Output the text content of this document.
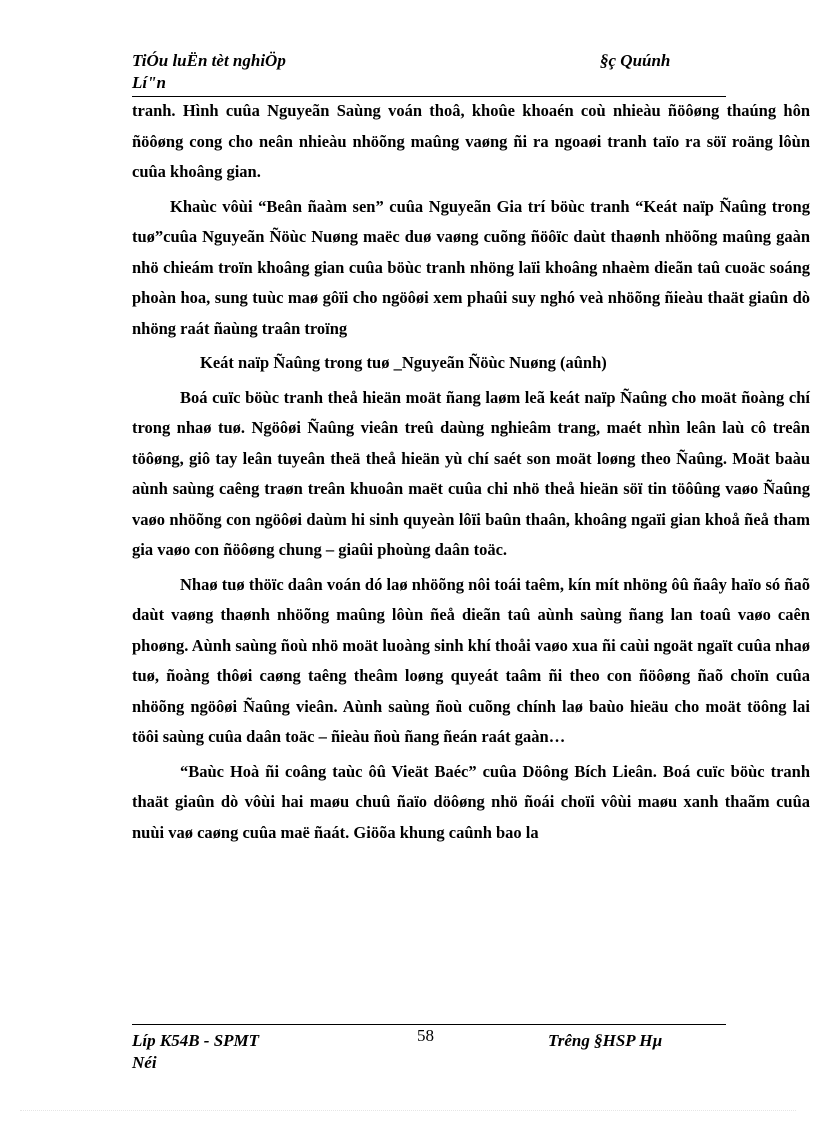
TiÓu luËn tèt nghiÖp
Lí"n
§ç Quúnh

tranh. Hình cuûa Nguyeãn Saùng voán thoâ, khoûe khoaén coù nhieàu ñöôøng thaúng hôn ñöôøng cong cho neân nhieàu nhöõng maûng vaøng ñi ra ngoaøi tranh taïo ra söï roäng lôùn cuûa khoâng gian.

Khaùc vôùi “Beân ñaàm sen” cuûa Nguyeãn Gia trí böùc tranh “Keát naïp Ñaûng trong tuø”cuûa Nguyeãn Ñöùc Nuøng maëc duø vaøng cuõng ñöôïc daùt thaønh nhöõng maûng gaàn nhö chieám troïn khoâng gian cuûa böùc tranh nhöng laïi khoâng nhaèm dieãn taû cuoäc soáng phoàn hoa, sung tuùc maø gôïi cho ngöôøi xem phaûi suy nghó veà nhöõng ñieàu thaät giaûn dò nhöng raát ñaùng traân troïng

Keát naïp Ñaûng trong tuø _Nguyeãn Ñöùc Nuøng (aûnh)

Boá cuïc böùc tranh theå hieän moät ñang laøm leã keát naïp Ñaûng cho moät ñoàng chí trong nhaø tuø. Ngöôøi Ñaûng vieân treû daùng nghieâm trang, maét nhìn leân laù cô treân töôøng, giô tay leân tuyeân theä theå hieän yù chí saét son moät loøng theo Ñaûng. Moät baàu aùnh saùng caêng traøn treân khuoân maët cuûa chi nhö theå hieän söï tin töôûng vaøo Ñaûng vaøo nhöõng con ngöôøi daùm hi sinh quyeàn lôïi baûn thaân, khoâng ngaïi gian khoå ñeå tham gia vaøo con ñöôøng chung – giaûi phoùng daân toäc.

Nhaø tuø thöïc daân voán dó laø nhöõng nôi toái taêm, kín mít nhöng ôû ñaây haïo só ñaõ daùt vaøng thaønh nhöõng maûng lôùn ñeå dieãn taû aùnh saùng ñang lan toaû vaøo caên phoøng. Aùnh saùng ñoù nhö moät luoàng sinh khí thoåi vaøo xua ñi caùi ngoät ngaït cuûa nhaø tuø, ñoàng thôøi caøng taêng theâm loøng quyeát taâm ñi theo con ñöôøng ñaõ choïn cuûa nhöõng ngöôøi Ñaûng vieân. Aùnh saùng ñoù cuõng chính laø baùo hieäu cho moät töông lai töôi saùng cuûa daân toäc – ñieàu ñoù ñang ñeán raát gaàn…

“Baùc Hoà ñi coâng taùc ôû Vieät Baéc” cuûa Döông Bích Lieân. Boá cuïc böùc tranh thaät giaûn dò vôùi hai maøu chuû ñaïo döôøng nhö ñoái choïi vôùi maøu xanh thaãm cuûa nuùi vaø caøng cuûa maë ñaát. Giöõa khung caûnh bao la

Líp K54B - SPMT
Néi
58	Trêng §HSP Hµ
